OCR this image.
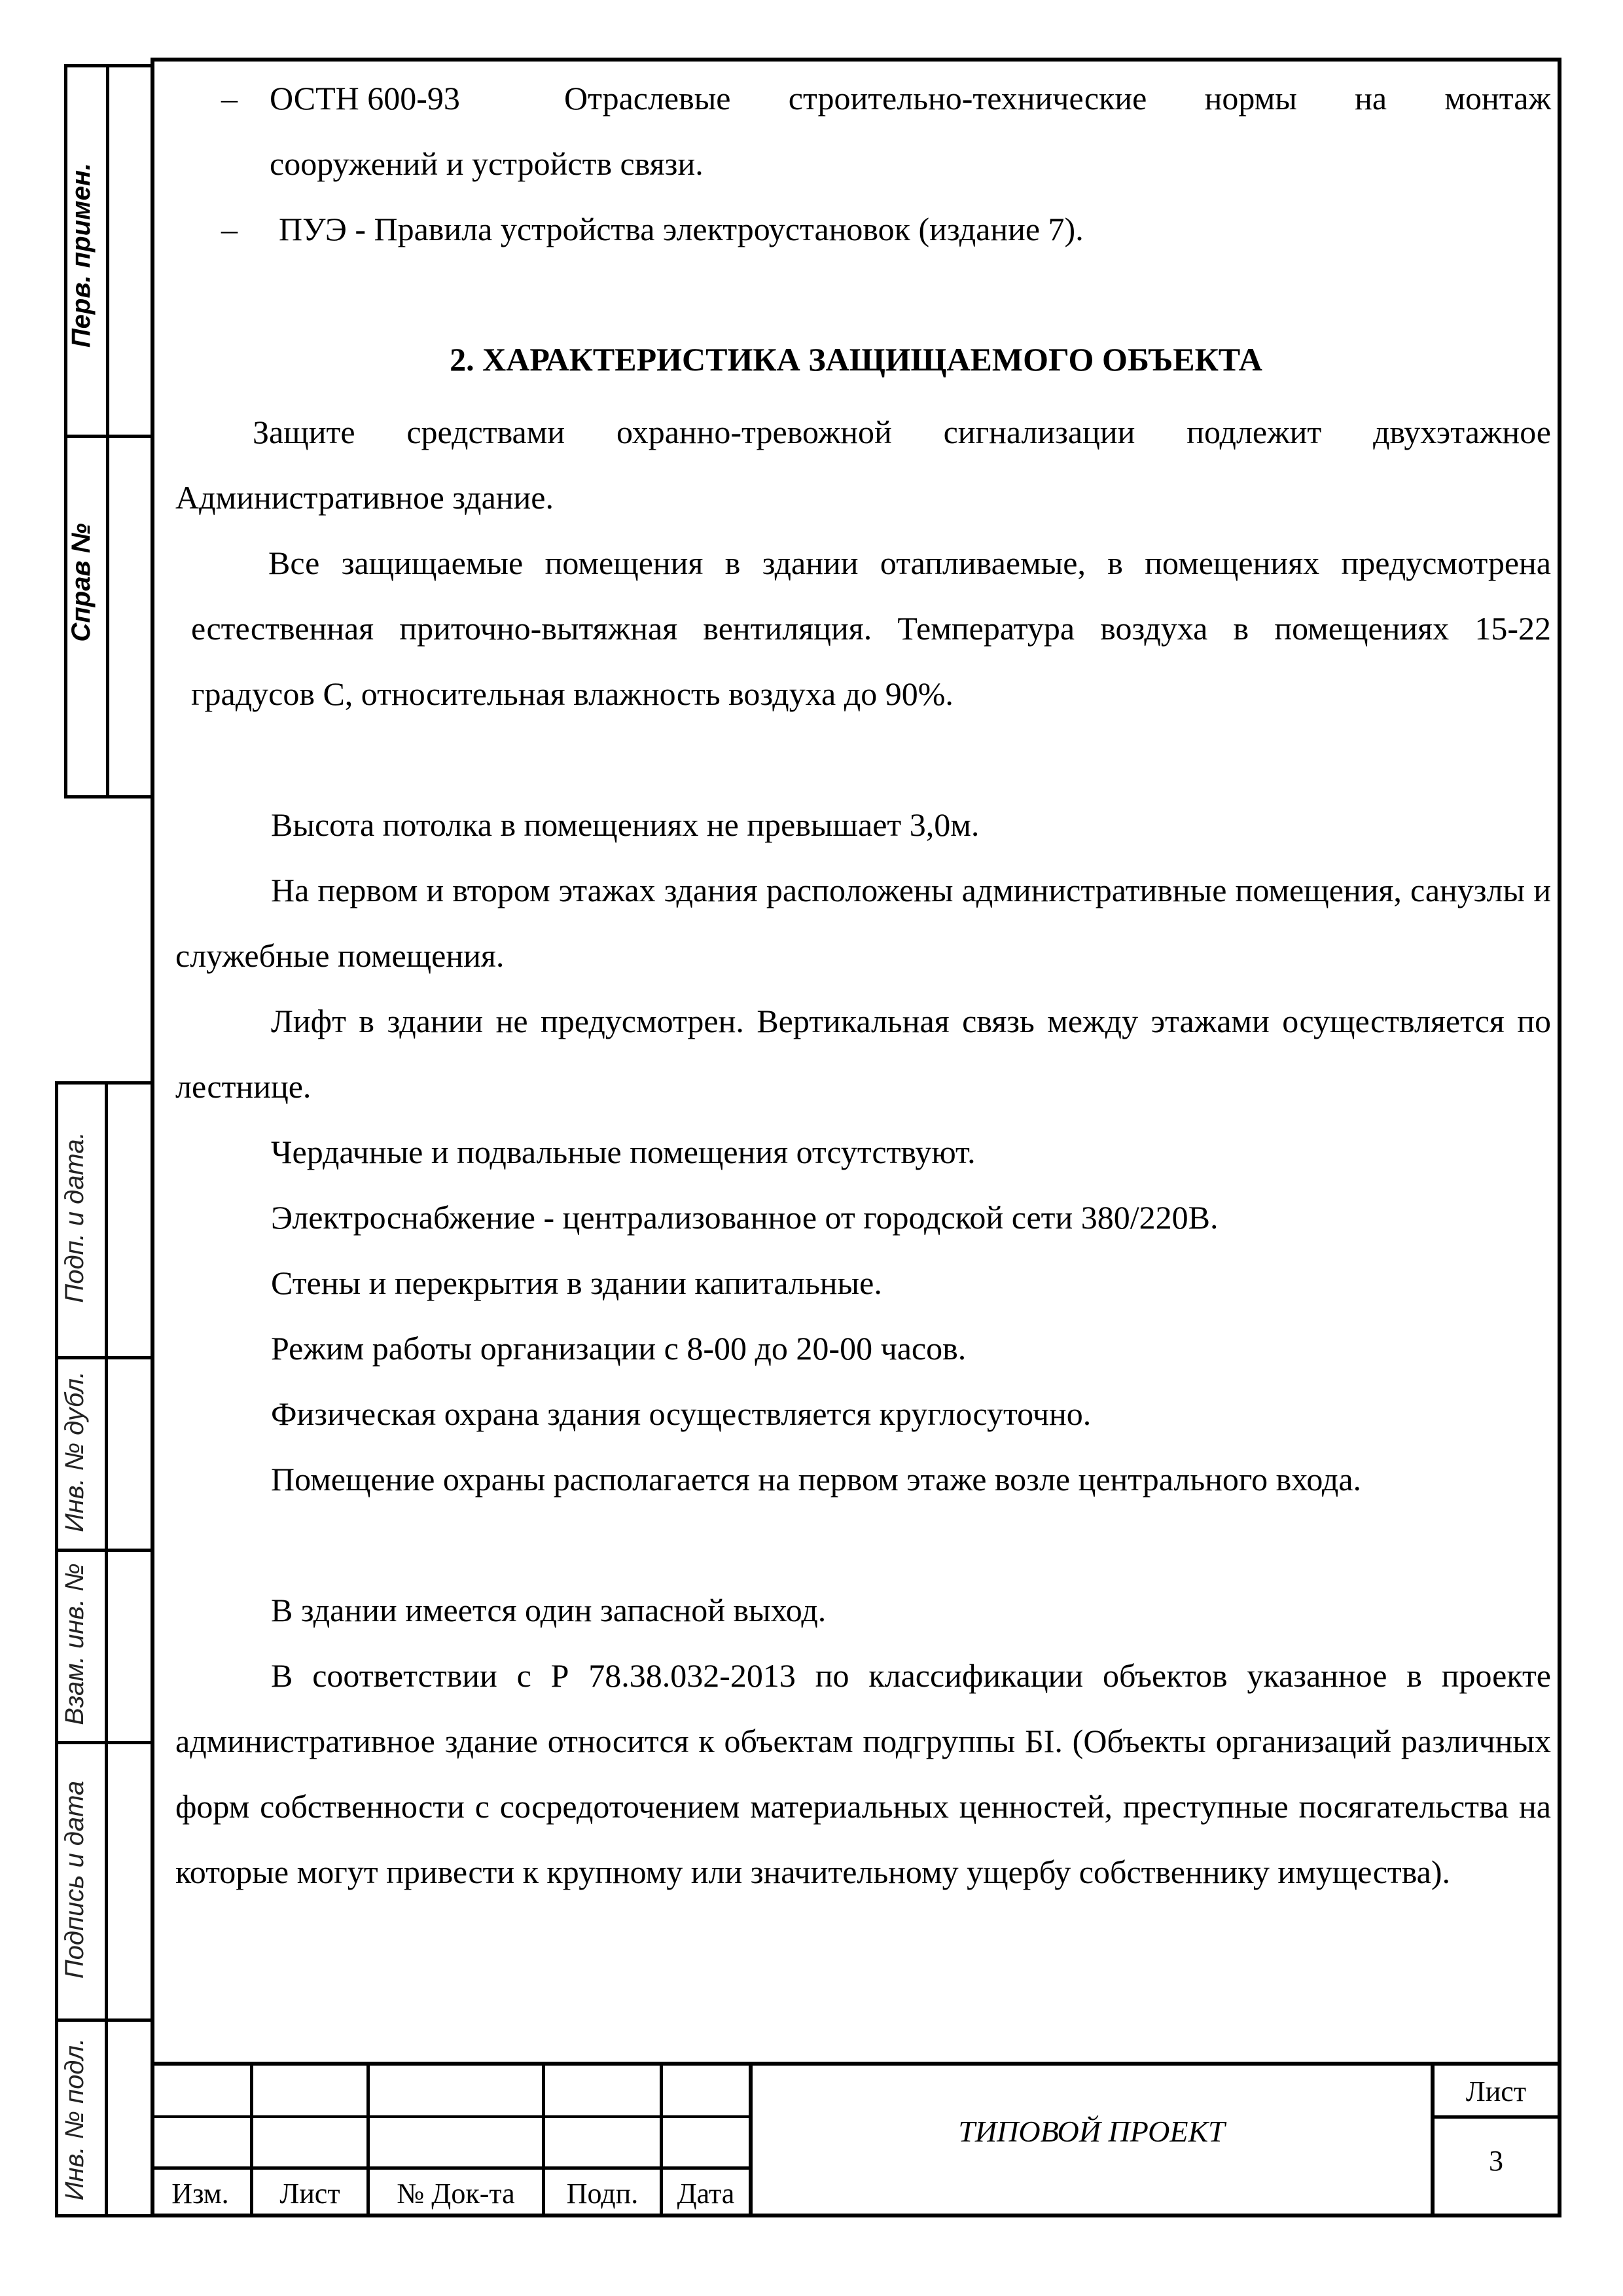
Перв. примен.
Справ №
Подп. и дата.
Инв. № дубл.
Взам. инв. №
Подпись и дата
Инв. № подл.
– ОСТН 600-93	Отраслевые строительно-технические нормы на монтаж
сооружений и устройств связи.
– ПУЭ - Правила устройства электроустановок (издание 7).
2. ХАРАКТЕРИСТИКА ЗАЩИЩАЕМОГО ОБЪЕКТА
Защите средствами охранно-тревожной сигнализации подлежит двухэтажное Административное здание.
Все защищаемые помещения в здании отапливаемые, в помещениях предусмотрена естественная приточно-вытяжная вентиляция. Температура воздуха в помещениях 15-22 градусов С, относительная влажность воздуха до 90%.
Высота потолка в помещениях не превышает 3,0м.
На первом и втором этажах здания расположены административные помещения, санузлы и служебные помещения.
Лифт в здании не предусмотрен. Вертикальная связь между этажами осуществляется по лестнице.
Чердачные и подвальные помещения отсутствуют.
Электроснабжение - централизованное от городской сети 380/220В.
Стены и перекрытия в здании капитальные.
Режим работы организации с 8-00 до 20-00 часов.
Физическая охрана здания осуществляется круглосуточно.
Помещение охраны располагается на первом этаже возле центрального входа.
В здании имеется один запасной выход.
В соответствии с Р 78.38.032-2013 по классификации объектов указанное в проекте административное здание относится к объектам подгруппы БI. (Объекты организаций различных форм собственности с сосредоточением материальных ценностей, преступные посягательства на которые могут привести к крупному или значительному ущербу собственнику имущества).
Изм.	Лист	№ Док-та	Подп.	Дата
ТИПОВОЙ ПРОЕКТ
Лист
3
